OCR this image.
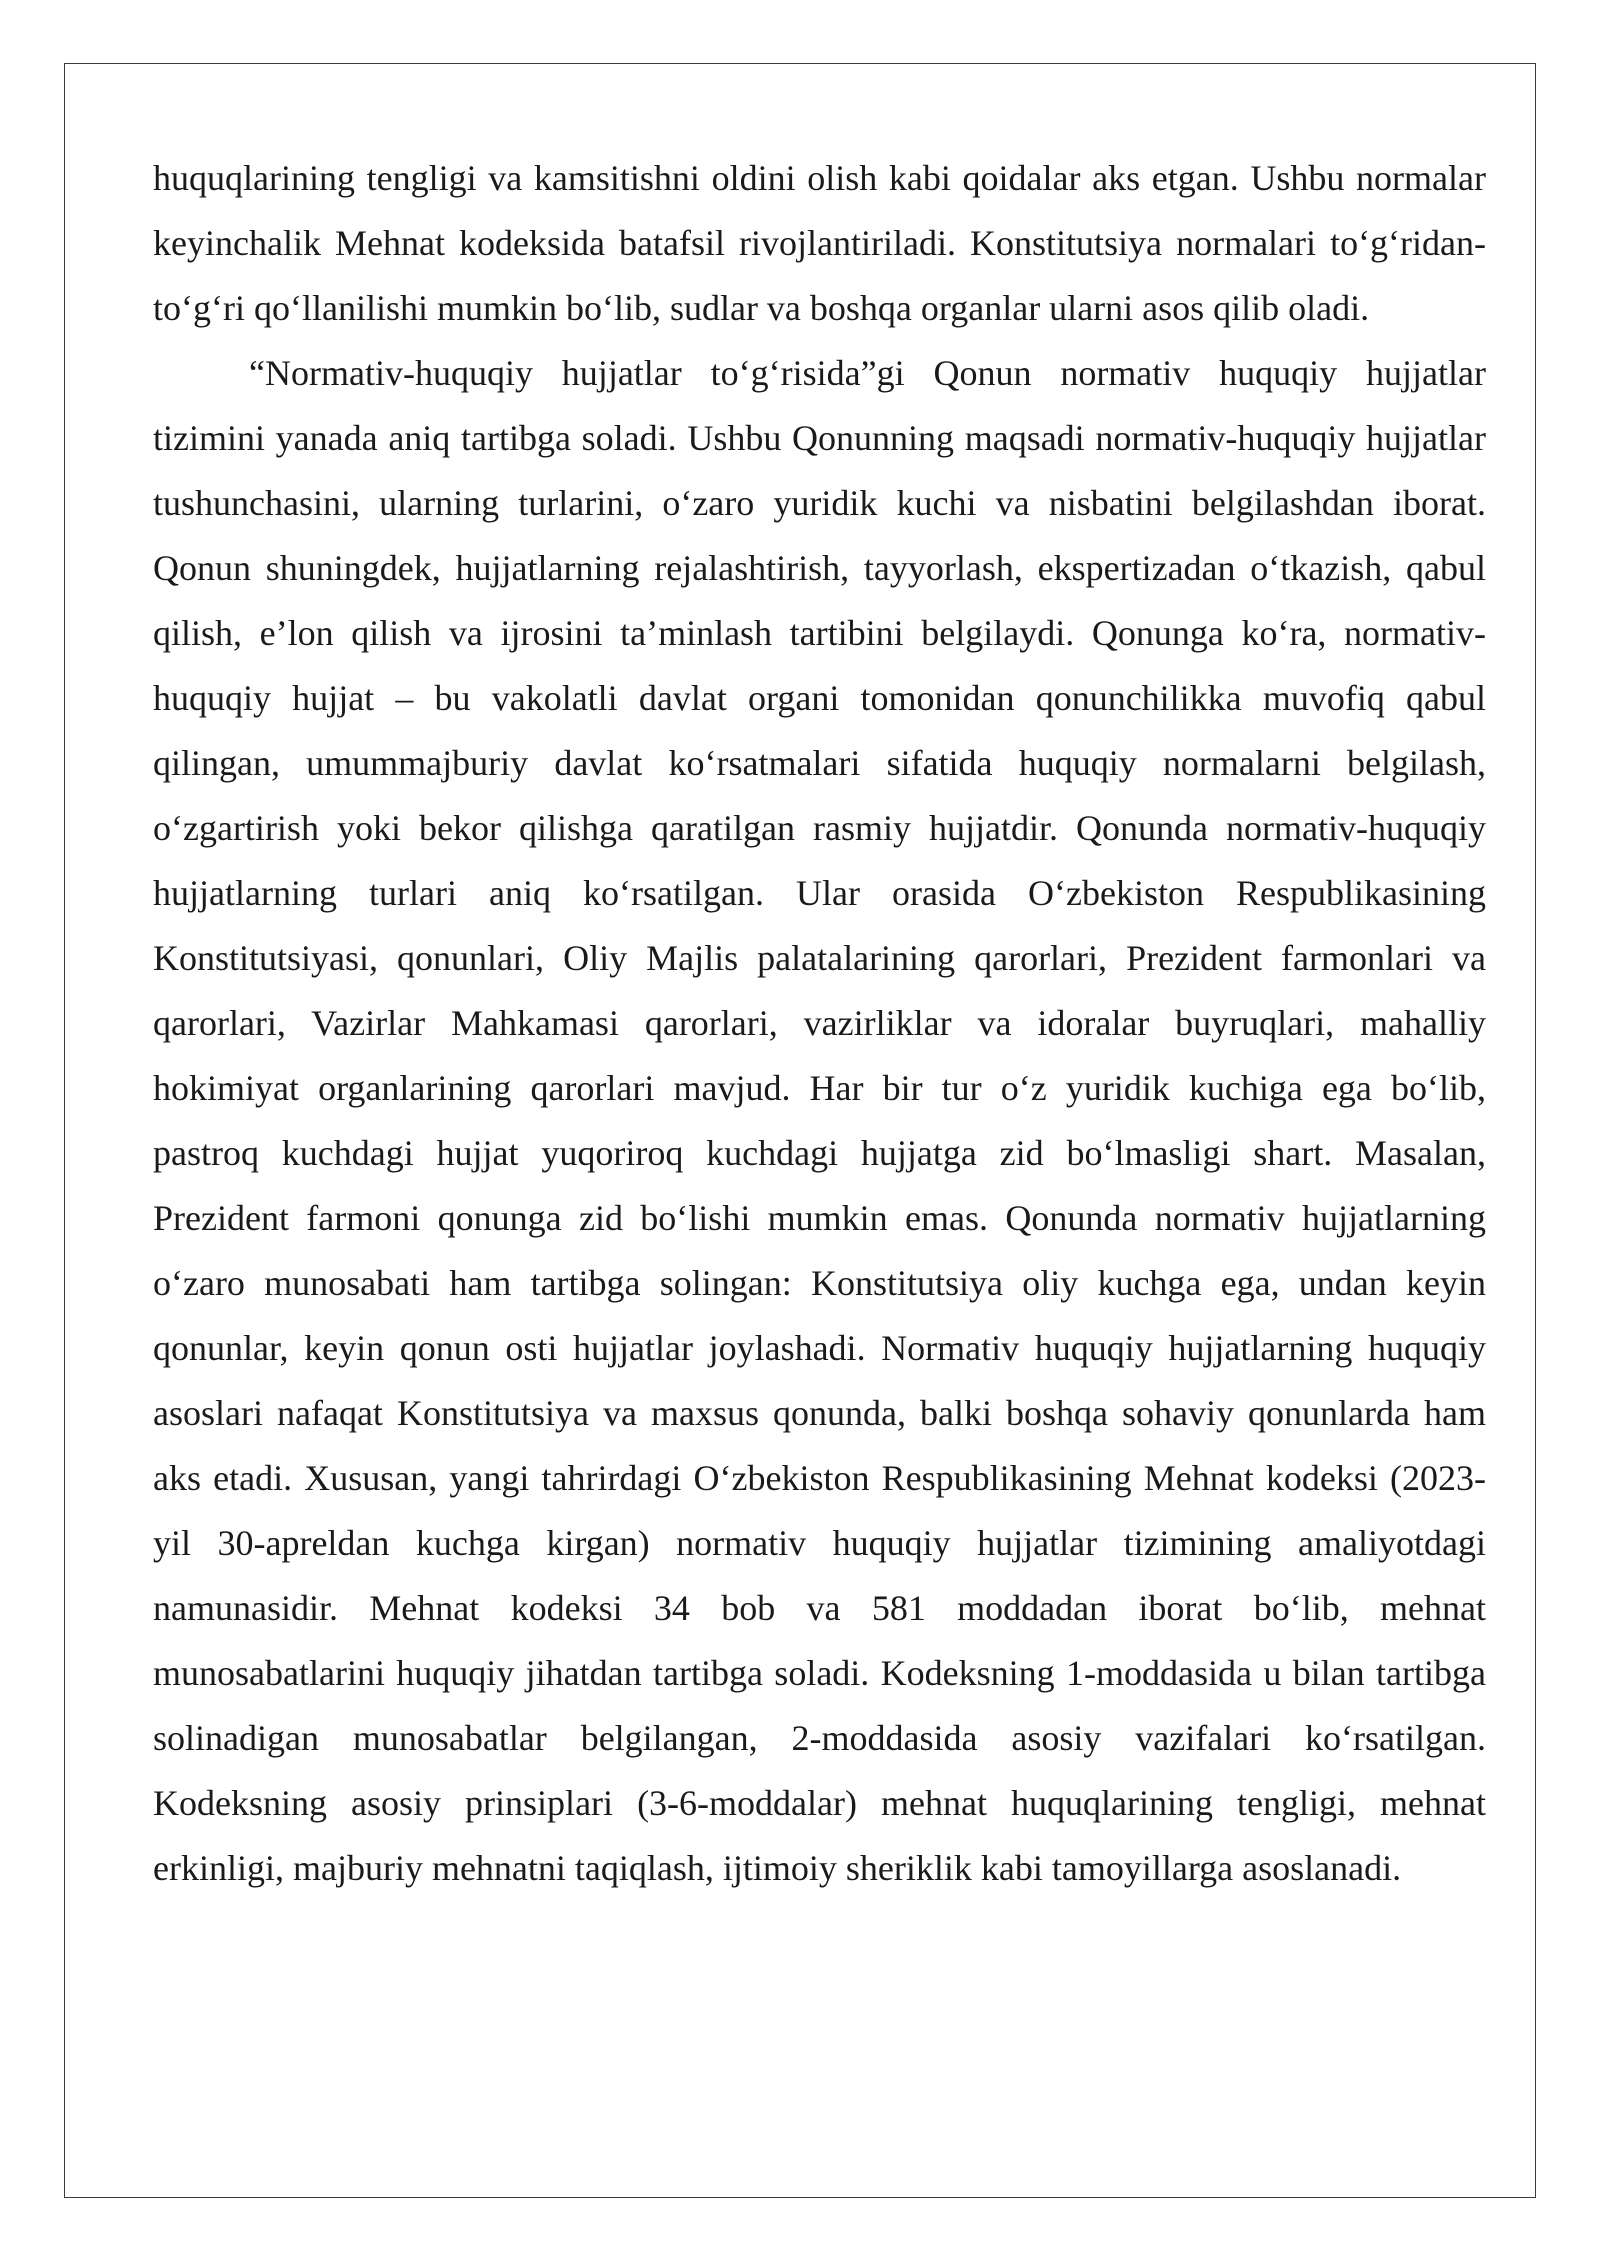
huquqlarining tengligi va kamsitishni oldini olish kabi qoidalar aks etgan. Ushbu normalar keyinchalik Mehnat kodeksida batafsil rivojlantiriladi. Konstitutsiya normalari to‘g‘ridan-to‘g‘ri qo‘llanilishi mumkin bo‘lib, sudlar va boshqa organlar ularni asos qilib oladi.

“Normativ-huquqiy hujjatlar to‘g‘risida”gi Qonun normativ huquqiy hujjatlar tizimini yanada aniq tartibga soladi. Ushbu Qonunning maqsadi normativ-huquqiy hujjatlar tushunchasini, ularning turlarini, o‘zaro yuridik kuchi va nisbatini belgilashdan iborat. Qonun shuningdek, hujjatlarning rejalashtirish, tayyorlash, ekspertizadan o‘tkazish, qabul qilish, e’lon qilish va ijrosini ta’minlash tartibini belgilaydi. Qonunga ko‘ra, normativ-huquqiy hujjat – bu vakolatli davlat organi tomonidan qonunchilikka muvofiq qabul qilingan, umummajburiy davlat ko‘rsatmalari sifatida huquqiy normalarni belgilash, o‘zgartirish yoki bekor qilishga qaratilgan rasmiy hujjatdir. Qonunda normativ-huquqiy hujjatlarning turlari aniq ko‘rsatilgan. Ular orasida O‘zbekiston Respublikasining Konstitutsiyasi, qonunlari, Oliy Majlis palatalarining qarorlari, Prezident farmonlari va qarorlari, Vazirlar Mahkamasi qarorlari, vazirliklar va idoralar buyruqlari, mahalliy hokimiyat organlarining qarorlari mavjud. Har bir tur o‘z yuridik kuchiga ega bo‘lib, pastroq kuchdagi hujjat yuqoriroq kuchdagi hujjatga zid bo‘lmasligi shart. Masalan, Prezident farmoni qonunga zid bo‘lishi mumkin emas. Qonunda normativ hujjatlarning o‘zaro munosabati ham tartibga solingan: Konstitutsiya oliy kuchga ega, undan keyin qonunlar, keyin qonun osti hujjatlar joylashadi. Normativ huquqiy hujjatlarning huquqiy asoslari nafaqat Konstitutsiya va maxsus qonunda, balki boshqa sohaviy qonunlarda ham aks etadi. Xususan, yangi tahrirdagi O‘zbekiston Respublikasining Mehnat kodeksi (2023-yil 30-apreldan kuchga kirgan) normativ huquqiy hujjatlar tizimining amaliyotdagi namunasidir. Mehnat kodeksi 34 bob va 581 moddadan iborat bo‘lib, mehnat munosabatlarini huquqiy jihatdan tartibga soladi. Kodeksning 1-moddasida u bilan tartibga solinadigan munosabatlar belgilangan, 2-moddasida asosiy vazifalari ko‘rsatilgan. Kodeksning asosiy prinsiplari (3-6-moddalar) mehnat huquqlarining tengligi, mehnat erkinligi, majburiy mehnatni taqiqlash, ijtimoiy sheriklik kabi tamoyillarga asoslanadi.
